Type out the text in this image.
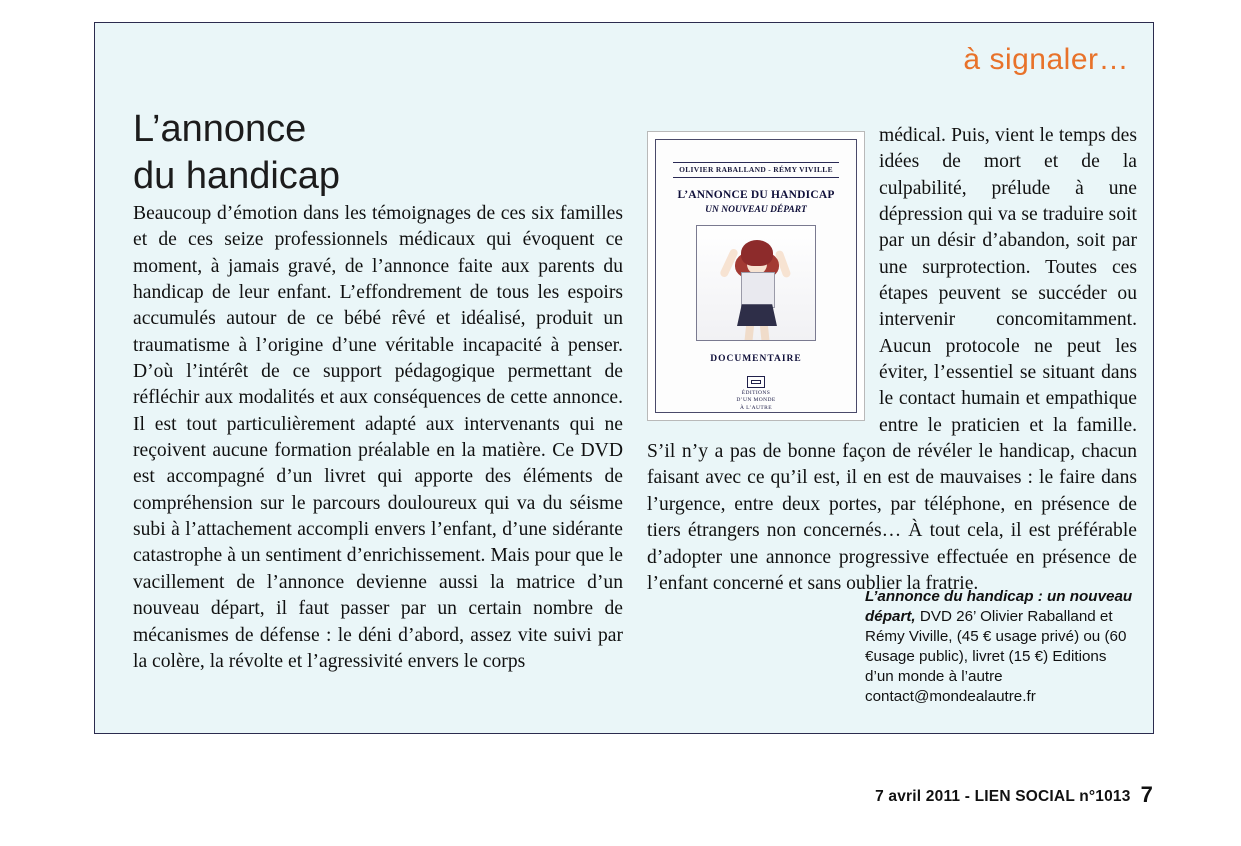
à signaler…
L’annonce
du handicap

Beaucoup d’émotion dans les témoignages de ces six familles et de ces seize professionnels médicaux qui évoquent ce moment, à jamais gravé, de l’annonce faite aux parents du handicap de leur enfant. L’effondrement de tous les espoirs accumulés autour de ce bébé rêvé et idéalisé, produit un traumatisme à l’origine d’une véritable incapacité à penser. D’où l’intérêt de ce support pédagogique permettant de réfléchir aux modalités et aux conséquences de cette annonce. Il est tout particulièrement adapté aux intervenants qui ne reçoivent aucune formation préalable en la matière. Ce DVD est accompagné d’un livret qui apporte des éléments de compréhension sur le parcours douloureux qui va du séisme subi à l’attachement accompli envers l’enfant, d’une sidérante catastrophe à un sentiment d’enrichissement. Mais pour que le vacillement de l’annonce devienne aussi la matrice d’un nouveau départ, il faut passer par un certain nombre de mécanismes de défense : le déni d’abord, assez vite suivi par la colère, la révolte et l’agressivité envers le corps

OLIVIER RABALLAND - RÉMY VIVILLE
L’ANNONCE DU HANDICAP
UN NOUVEAU DÉPART
DOCUMENTAIRE
ÉDITIONS
D’UN MONDE
À L’AUTRE

médical. Puis, vient le temps des idées de mort et de la culpabilité, prélude à une dépression qui va se traduire soit par un désir d’abandon, soit par une surprotection. Toutes ces étapes peuvent se succéder ou intervenir concomitamment. Aucun protocole ne peut les éviter, l’essentiel se situant dans le contact humain et empathique entre le praticien et la famille. S’il n’y a pas de bonne façon de révéler le handicap, chacun faisant avec ce qu’il est, il en est de mauvaises : le faire dans l’urgence, entre deux portes, par téléphone, en présence de tiers étrangers non concernés… À tout cela, il est préférable d’adopter une annonce progressive effectuée en présence de l’enfant concerné et sans oublier la fratrie.

L’annonce du handicap : un nouveau départ, DVD 26’ Olivier Raballand et Rémy Viville, (45 € usage privé) ou (60 €usage public), livret (15 €) Editions d’un monde à l’autre contact@mondealautre.fr
7 avril 2011 - LIEN SOCIAL n°1013 7
